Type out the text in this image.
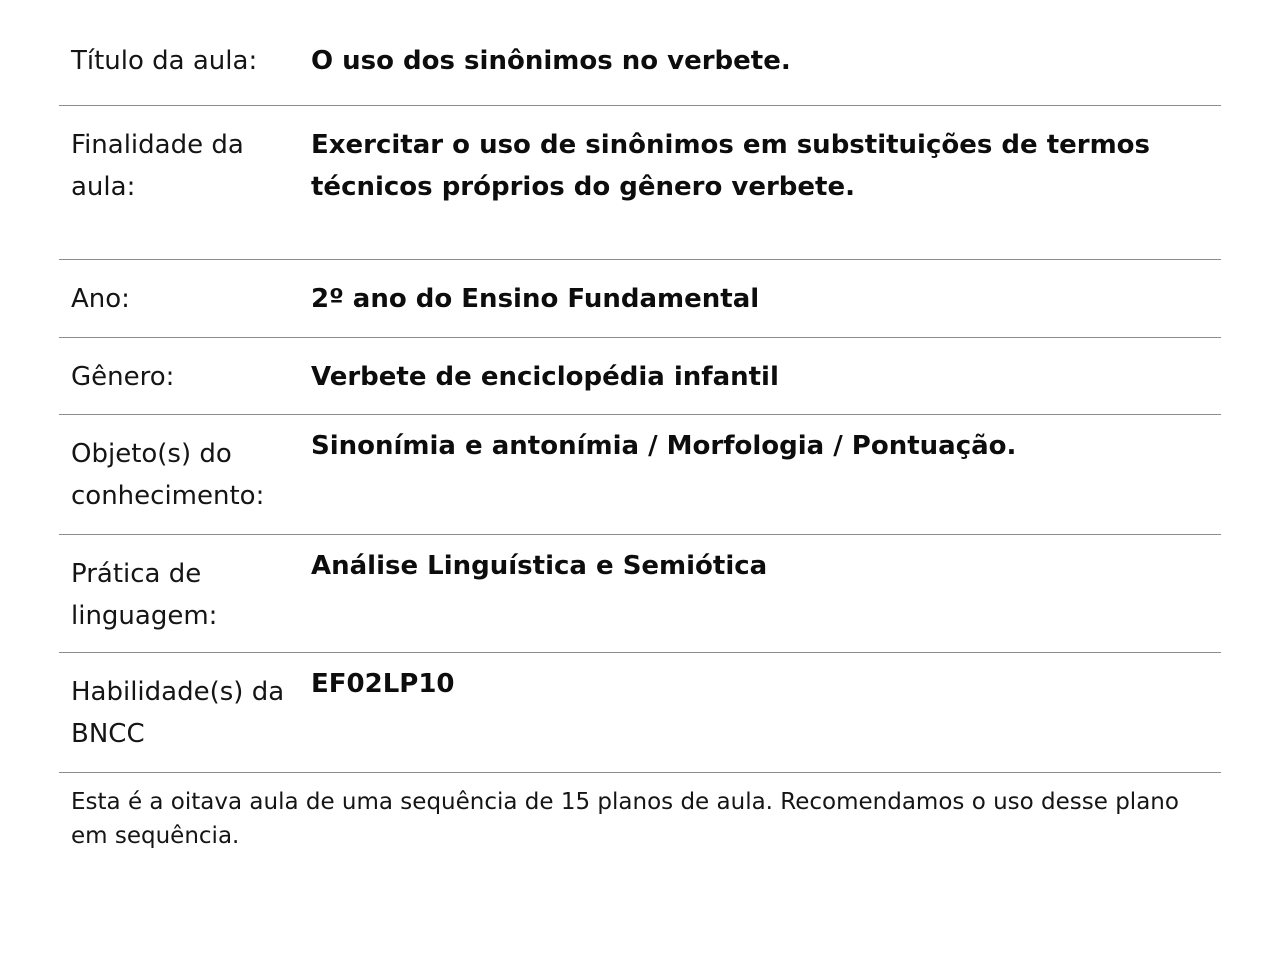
Título da aula:	O uso dos sinônimos no verbete.

Finalidade da aula:	Exercitar o uso de sinônimos em substituições de termos técnicos próprios do gênero verbete.

Ano:	2º ano do Ensino Fundamental

Gênero:	Verbete de enciclopédia infantil

Objeto(s) do conhecimento:	Sinonímia e antonímia / Morfologia / Pontuação.

Prática de linguagem:	Análise Linguística e Semiótica

Habilidade(s) da BNCC	EF02LP10
Esta é a oitava aula de uma sequência de 15 planos de aula. Recomendamos o uso desse plano em sequência.
